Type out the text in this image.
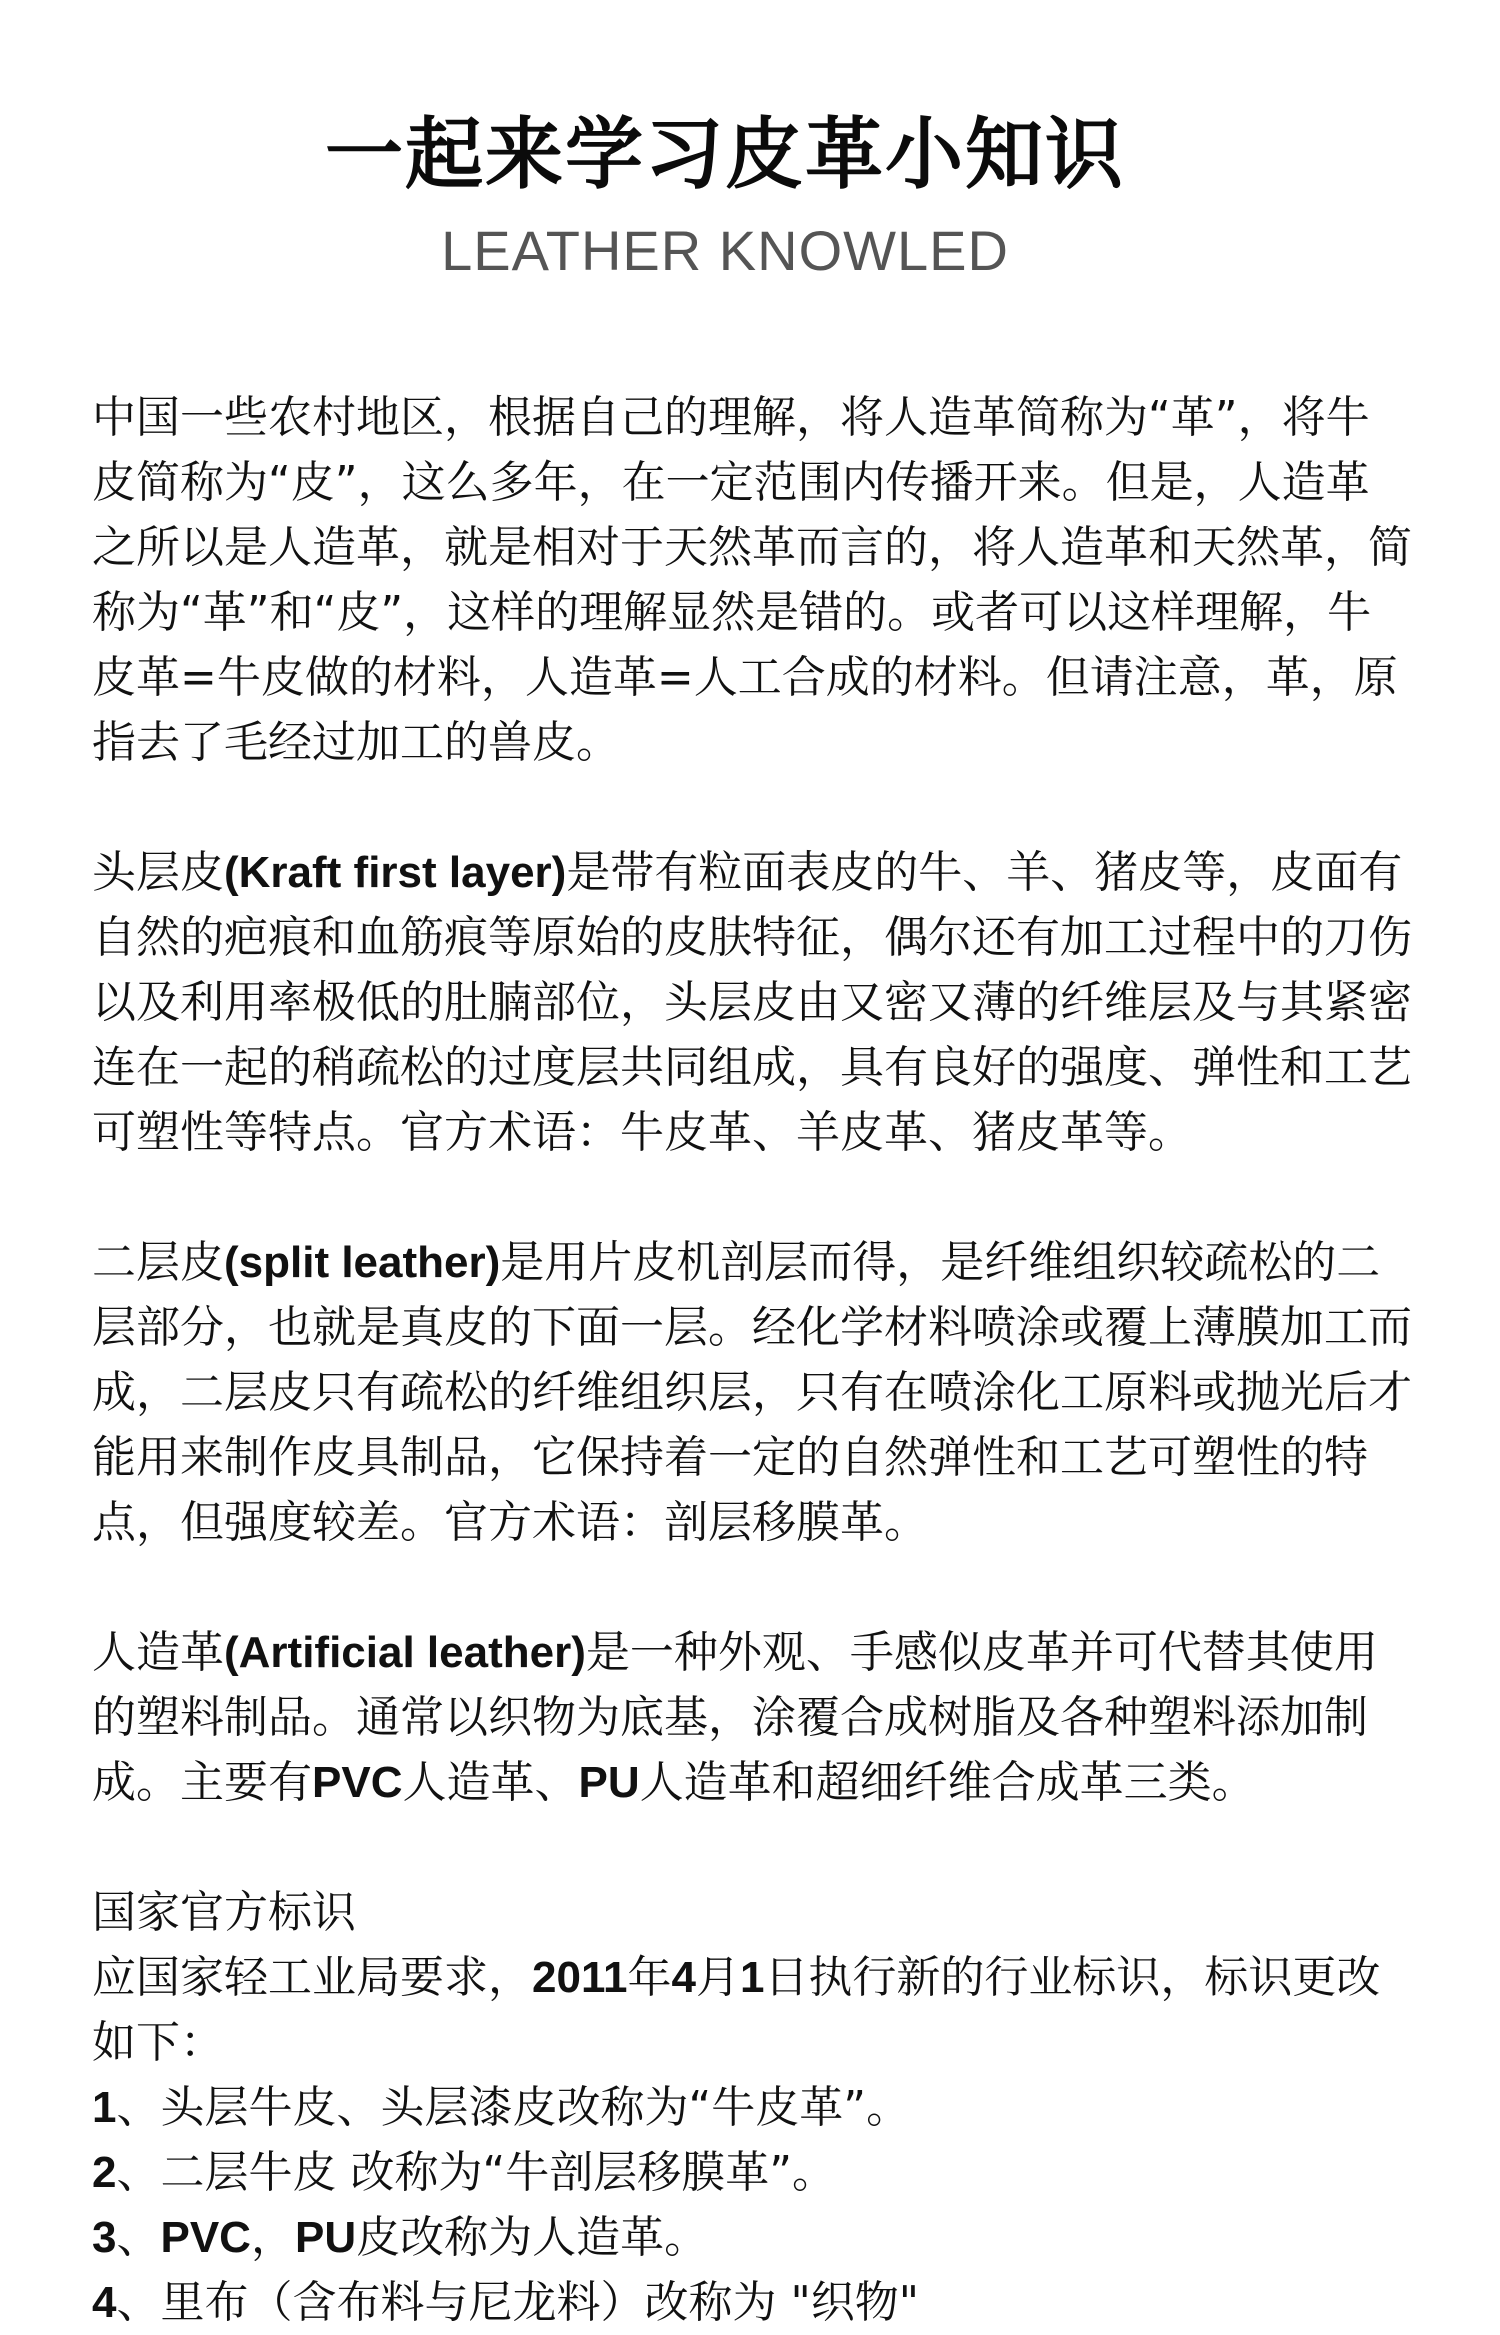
一起来学习皮革小知识
LEATHER KNOWLED

中国一些农村地区，根据自己的理解，将人造革简称为“革”，将牛皮简称为“皮”，这么多年，在一定范围内传播开来。但是，人造革之所以是人造革，就是相对于天然革而言的，将人造革和天然革，简称为“革”和“皮”，这样的理解显然是错的。或者可以这样理解，牛皮革=牛皮做的材料，人造革=人工合成的材料。但请注意，革，原指去了毛经过加工的兽皮。

头层皮(Kraft first layer)是带有粒面表皮的牛、羊、猪皮等，皮面有自然的疤痕和血筋痕等原始的皮肤特征，偶尔还有加工过程中的刀伤以及利用率极低的肚腩部位，头层皮由又密又薄的纤维层及与其紧密连在一起的稍疏松的过度层共同组成，具有良好的强度、弹性和工艺可塑性等特点。官方术语：牛皮革、羊皮革、猪皮革等。

二层皮(split leather)是用片皮机剖层而得，是纤维组织较疏松的二层部分，也就是真皮的下面一层。经化学材料喷涂或覆上薄膜加工而成，二层皮只有疏松的纤维组织层，只有在喷涂化工原料或抛光后才能用来制作皮具制品，它保持着一定的自然弹性和工艺可塑性的特点，但强度较差。官方术语：剖层移膜革。

人造革(Artificial leather)是一种外观、手感似皮革并可代替其使用的塑料制品。通常以织物为底基，涂覆合成树脂及各种塑料添加制成。主要有PVC人造革、PU人造革和超细纤维合成革三类。

国家官方标识

应国家轻工业局要求，2011年4月1日执行新的行业标识，标识更改如下：

1、头层牛皮、头层漆皮改称为“牛皮革”。

2、二层牛皮 改称为“牛剖层移膜革”。

3、PVC，PU皮改称为人造革。

4、里布（含布料与尼龙料）改称为 "织物"
